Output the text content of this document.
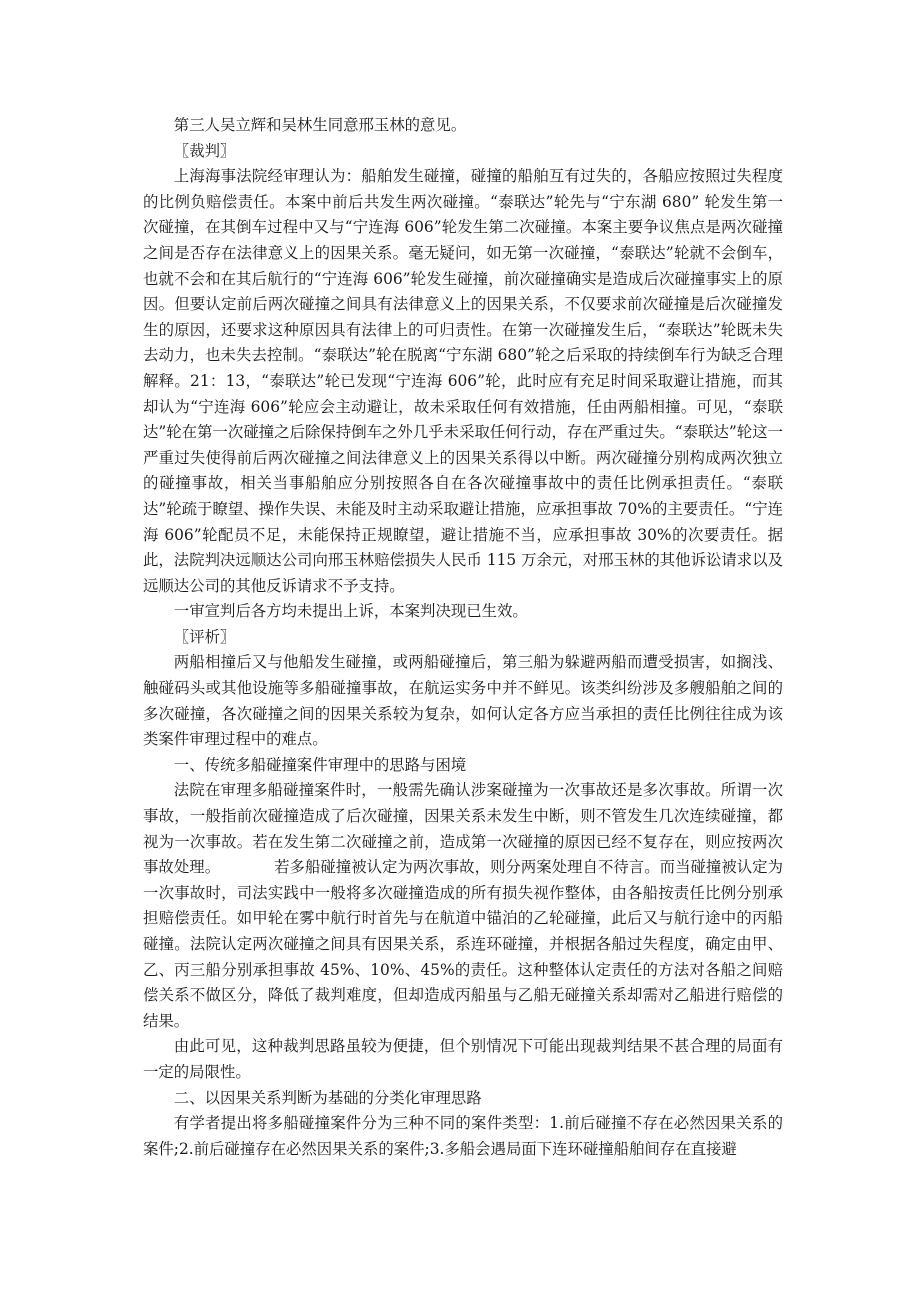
第三人吴立辉和吴林生同意邢玉林的意见。

〖裁判〗

上海海事法院经审理认为：船舶发生碰撞，碰撞的船舶互有过失的，各船应按照过失程度的比例负赔偿责任。本案中前后共发生两次碰撞。“泰联达”轮先与“宁东湖 680” 轮发生第一次碰撞，在其倒车过程中又与“宁连海 606”轮发生第二次碰撞。本案主要争议焦点是两次碰撞之间是否存在法律意义上的因果关系。毫无疑问，如无第一次碰撞，“泰联达”轮就不会倒车，也就不会和在其后航行的“宁连海 606”轮发生碰撞，前次碰撞确实是造成后次碰撞事实上的原因。但要认定前后两次碰撞之间具有法律意义上的因果关系，不仅要求前次碰撞是后次碰撞发生的原因，还要求这种原因具有法律上的可归责性。在第一次碰撞发生后，“泰联达”轮既未失去动力，也未失去控制。“泰联达”轮在脱离“宁东湖 680”轮之后采取的持续倒车行为缺乏合理解释。21：13，“泰联达”轮已发现“宁连海 606”轮，此时应有充足时间采取避让措施，而其却认为“宁连海 606”轮应会主动避让，故未采取任何有效措施，任由两船相撞。可见，“泰联达”轮在第一次碰撞之后除保持倒车之外几乎未采取任何行动，存在严重过失。“泰联达”轮这一严重过失使得前后两次碰撞之间法律意义上的因果关系得以中断。两次碰撞分别构成两次独立的碰撞事故，相关当事船舶应分别按照各自在各次碰撞事故中的责任比例承担责任。“泰联达”轮疏于瞭望、操作失误、未能及时主动采取避让措施，应承担事故 70%的主要责任。“宁连海 606”轮配员不足，未能保持正规瞭望，避让措施不当，应承担事故 30%的次要责任。据此，法院判决远顺达公司向邢玉林赔偿损失人民币 115 万余元，对邢玉林的其他诉讼请求以及远顺达公司的其他反诉请求不予支持。

一审宣判后各方均未提出上诉，本案判决现已生效。

〖评析〗

两船相撞后又与他船发生碰撞，或两船碰撞后，第三船为躲避两船而遭受损害，如搁浅、触碰码头或其他设施等多船碰撞事故，在航运实务中并不鲜见。该类纠纷涉及多艘船舶之间的多次碰撞，各次碰撞之间的因果关系较为复杂，如何认定各方应当承担的责任比例往往成为该类案件审理过程中的难点。

一、传统多船碰撞案件审理中的思路与困境

法院在审理多船碰撞案件时，一般需先确认涉案碰撞为一次事故还是多次事故。所谓一次事故，一般指前次碰撞造成了后次碰撞，因果关系未发生中断，则不管发生几次连续碰撞，都视为一次事故。若在发生第二次碰撞之前，造成第一次碰撞的原因已经不复存在，则应按两次事故处理。　　　　若多船碰撞被认定为两次事故，则分两案处理自不待言。而当碰撞被认定为一次事故时，司法实践中一般将多次碰撞造成的所有损失视作整体，由各船按责任比例分别承担赔偿责任。如甲轮在雾中航行时首先与在航道中锚泊的乙轮碰撞，此后又与航行途中的丙船碰撞。法院认定两次碰撞之间具有因果关系，系连环碰撞，并根据各船过失程度，确定由甲、乙、丙三船分别承担事故 45%、10%、45%的责任。这种整体认定责任的方法对各船之间赔偿关系不做区分，降低了裁判难度，但却造成丙船虽与乙船无碰撞关系却需对乙船进行赔偿的结果。

由此可见，这种裁判思路虽较为便捷，但个别情况下可能出现裁判结果不甚合理的局面有一定的局限性。

二、以因果关系判断为基础的分类化审理思路

有学者提出将多船碰撞案件分为三种不同的案件类型：1.前后碰撞不存在必然因果关系的案件;2.前后碰撞存在必然因果关系的案件;3.多船会遇局面下连环碰撞船舶间存在直接避
